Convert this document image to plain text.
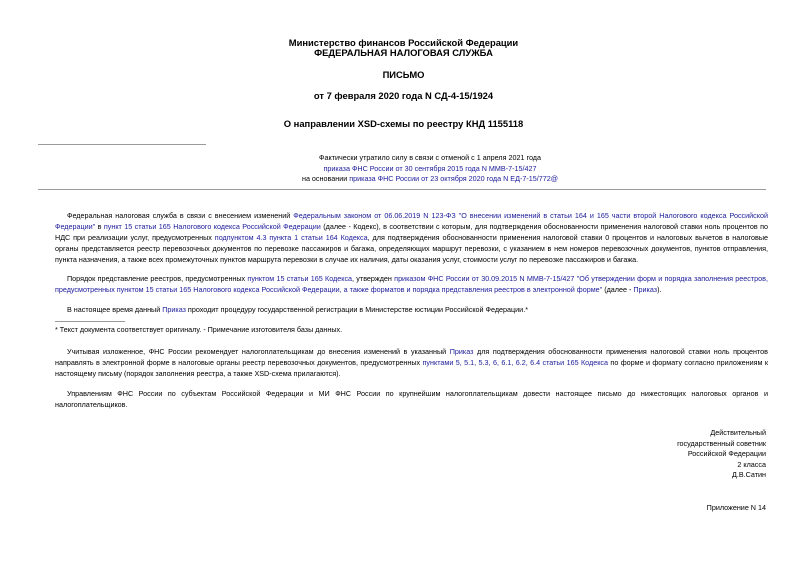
Министерство финансов Российской Федерации
ФЕДЕРАЛЬНАЯ НАЛОГОВАЯ СЛУЖБА
ПИСЬМО
от 7 февраля 2020 года N СД-4-15/1924
О направлении XSD-схемы по реестру КНД 1155118
Фактически утратило силу в связи с отменой с 1 апреля 2021 года
приказа ФНС России от 30 сентября 2015 года N ММВ-7-15/427
на основании приказа ФНС России от 23 октября 2020 года N ЕД-7-15/772@
Федеральная налоговая служба в связи с внесением изменений Федеральным законом от 06.06.2019 N 123-ФЗ "О внесении изменений в статьи 164 и 165 части второй Налогового кодекса Российской Федерации" в пункт 15 статьи 165 Налогового кодекса Российской Федерации (далее - Кодекс), в соответствии с которым, для подтверждения обоснованности применения налоговой ставки ноль процентов по НДС при реализации услуг, предусмотренных подпунктом 4.3 пункта 1 статьи 164 Кодекса, для подтверждения обоснованности применения налоговой ставки 0 процентов и налоговых вычетов в налоговые органы представляется реестр перевозочных документов по перевозке пассажиров и багажа, определяющих маршрут перевозки, с указанием в нем номеров перевозочных документов, пунктов отправления, пункта назначения, а также всех промежуточных пунктов маршрута перевозки в случае их наличия, даты оказания услуг, стоимости услуг по перевозке пассажиров и багажа.
Порядок представление реестров, предусмотренных пунктом 15 статьи 165 Кодекса, утвержден приказом ФНС России от 30.09.2015 N ММВ-7-15/427 "Об утверждении форм и порядка заполнения реестров, предусмотренных пунктом 15 статьи 165 Налогового кодекса Российской Федерации, а также форматов и порядка представления реестров в электронной форме" (далее - Приказ).
В настоящее время данный Приказ проходит процедуру государственной регистрации в Министерстве юстиции Российской Федерации.*
* Текст документа соответствует оригиналу. - Примечание изготовителя базы данных.
Учитывая изложенное, ФНС России рекомендует налогоплательщикам до внесения изменений в указанный Приказ для подтверждения обоснованности применения налоговой ставки ноль процентов направлять в электронной форме в налоговые органы реестр перевозочных документов, предусмотренных пунктами 5, 5.1, 5.3, 6, 6.1, 6.2, 6.4 статьи 165 Кодекса по форме и формату согласно приложениям к настоящему письму (порядок заполнения реестра, а также XSD-схема прилагаются).
Управлениям ФНС России по субъектам Российской Федерации и МИ ФНС России по крупнейшим налогоплательщикам довести настоящее письмо до нижестоящих налоговых органов и налогоплательщиков.
Действительный
государственный советник
Российской Федерации
2 класса
Д.В.Сатин
Приложение N 14
